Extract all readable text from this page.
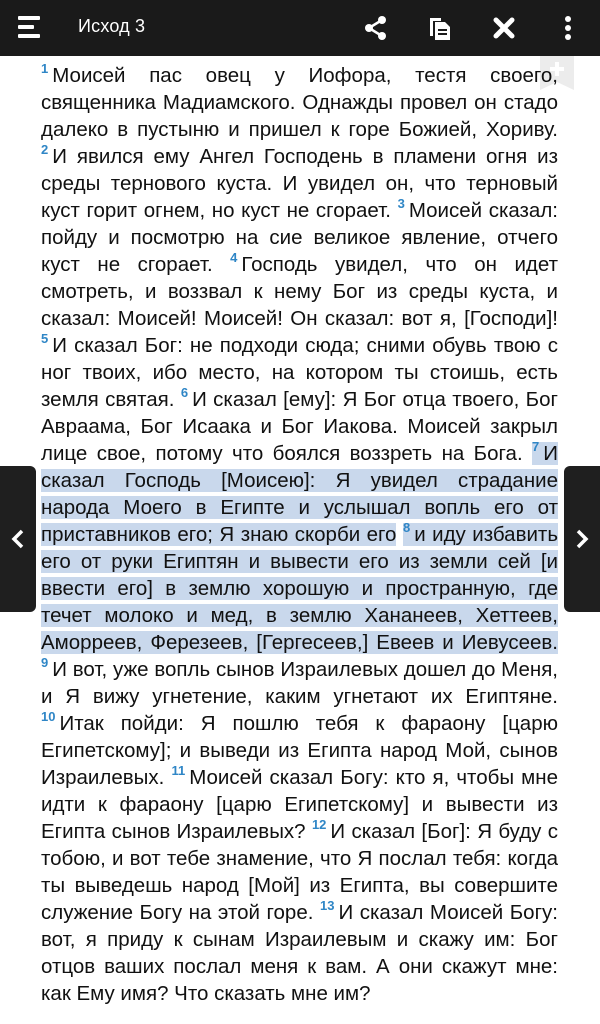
Исход 3

$^1$ Моисей пас овец у Иофора, тестя своего, священника Мадиамского. Однажды провел он стадо далеко в пустыню и пришел к горе Божией, Хориву. $^2$ И явился ему Ангел Господень в пламени огня из среды тернового куста. И увидел он, что терновый куст горит огнем, но куст не сгорает. $^3$ Моисей сказал: пойду и посмотрю на сие великое явление, отчего куст не сгорает. $^4$ Господь увидел, что он идет смотреть, и воззвал к нему Бог из среды куста, и сказал: Моисей! Моисей! Он сказал: вот я, [Господи]! $^5$ И сказал Бог: не подходи сюда; сними обувь твою с ног твоих, ибо место, на котором ты стоишь, есть земля святая. $^6$ И сказал [ему]: Я Бог отца твоего, Бог Авраама, Бог Исаака и Бог Иакова. Моисей закрыл лице свое, потому что боялся воззреть на Бога. $^7$ И сказал Господь [Моисею]: Я увидел страдание народа Моего в Египте и услышал вопль его от приставников его; Я знаю скорби его $^8$ и иду избавить его от руки Египтян и вывести его из земли сей [и ввести его] в землю хорошую и пространную, где течет молоко и мед, в землю Хананеев, Хеттеев, Аморреев, Ферезеев, [Гергесеев,] Евеев и Иевусеев. $^9$ И вот, уже вопль сынов Израилевых дошел до Меня, и Я вижу угнетение, каким угнетают их Египтяне. $^{10}$ Итак пойди: Я пошлю тебя к фараону [царю Египетскому]; и выведи из Египта народ Мой, сынов Израилевых. $^{11}$ Моисей сказал Богу: кто я, чтобы мне идти к фараону [царю Египетскому] и вывести из Египта сынов Израилевых? $^{12}$ И сказал [Бог]: Я буду с тобою, и вот тебе знамение, что Я послал тебя: когда ты выведешь народ [Мой] из Египта, вы совершите служение Богу на этой горе. $^{13}$ И сказал Моисей Богу: вот, я приду к сынам Израилевым и скажу им: Бог отцов ваших послал меня к вам. А они скажут мне: как Ему имя? Что сказать мне им?
